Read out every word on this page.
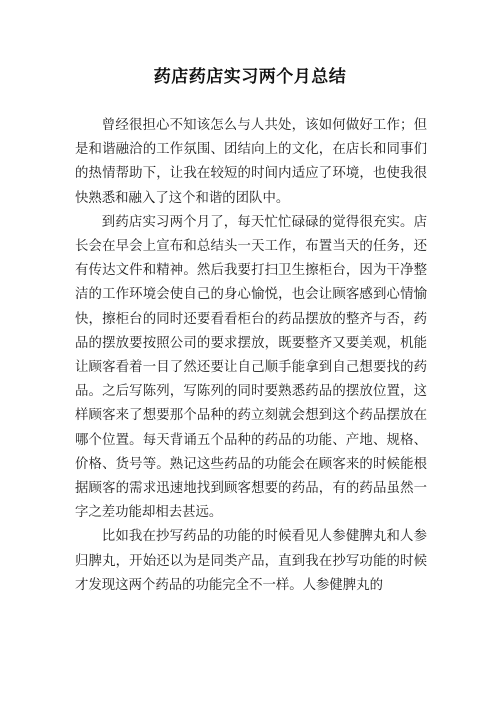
药店药店实习两个月总结

曾经很担心不知该怎么与人共处，该如何做好工作；但是和谐融洽的工作氛围、团结向上的文化，在店长和同事们的热情帮助下，让我在较短的时间内适应了环境，也使我很快熟悉和融入了这个和谐的团队中。

到药店实习两个月了，每天忙忙碌碌的觉得很充实。店长会在早会上宣布和总结头一天工作，布置当天的任务，还有传达文件和精神。然后我要打扫卫生擦柜台，因为干净整洁的工作环境会使自己的身心愉悦，也会让顾客感到心情愉快，擦柜台的同时还要看看柜台的药品摆放的整齐与否，药品的摆放要按照公司的要求摆放，既要整齐又要美观，机能让顾客看着一目了然还要让自己顺手能拿到自己想要找的药品。之后写陈列，写陈列的同时要熟悉药品的摆放位置，这样顾客来了想要那个品种的药立刻就会想到这个药品摆放在哪个位置。每天背诵五个品种的药品的功能、产地、规格、价格、货号等。熟记这些药品的功能会在顾客来的时候能根据顾客的需求迅速地找到顾客想要的药品，有的药品虽然一字之差功能却相去甚远。

比如我在抄写药品的功能的时候看见人参健脾丸和人参归脾丸，开始还以为是同类产品，直到我在抄写功能的时候才发现这两个药品的功能完全不一样。人参健脾丸的
